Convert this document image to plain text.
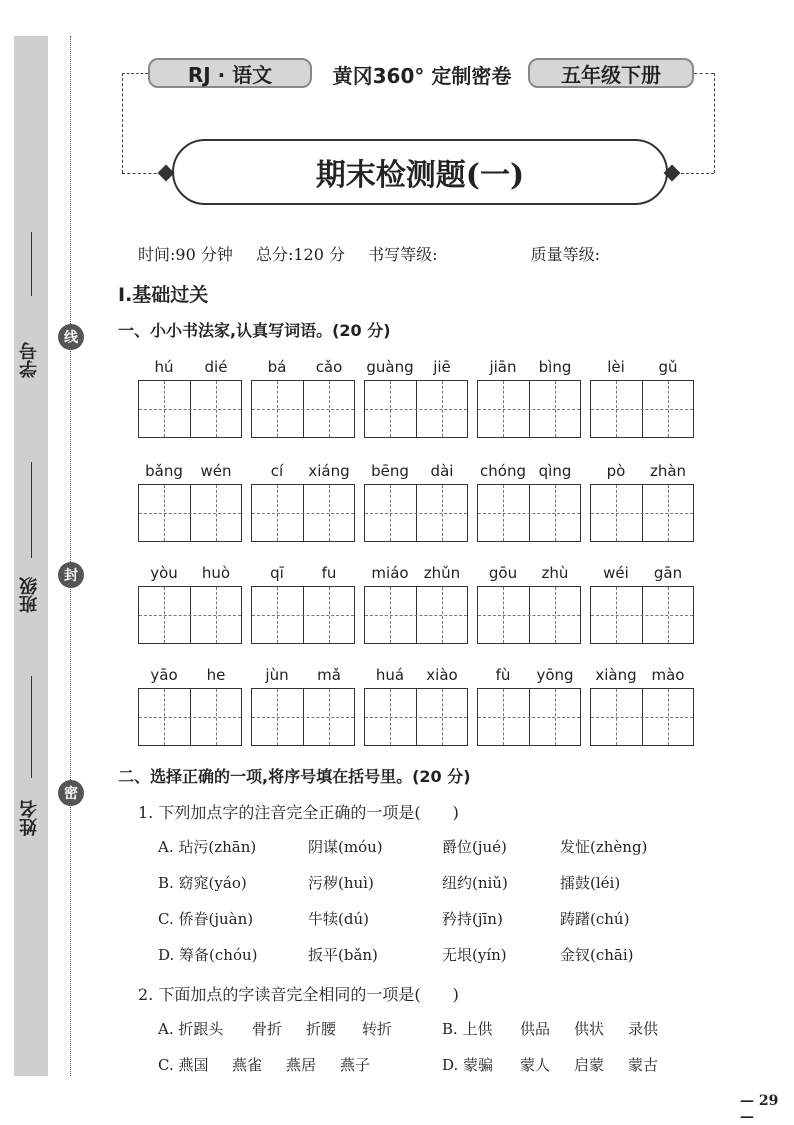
学号
班级
姓名
线
封
密
RJ · 语文	黄冈360° 定制密卷	五年级下册
期末检测题(一)
时间:90 分钟 总分:120 分 书写等级:	质量等级:
Ⅰ.基础过关
一、小小书法家,认真写词语。(20 分)
hú	dié	bá	cǎo	guàng	jiē	jiān	bìng	lèi	gǔ
bǎng	wén	cí	xiáng	bēng	dài	chóng qìng	pò	zhàn
yòu	huò	qī	fu	miáo	zhǔn	gōu	zhù	wéi	gān
yāo	he	jùn	mǎ	huá	xiào	fù	yōng	xiàng mào
二、选择正确的一项,将序号填在括号里。(20 分)
1. 下列加点字的注音完全正确的一项是(　　)
A. 玷污(zhān)	阴谋(móu)	爵位(jué)	发怔(zhèng)
B. 窈窕(yáo)	污秽(huì)	纽约(niǔ)	擂鼓(léi)
C. 侨眷(juàn)	牛犊(dú)	矜持(jīn)	踌躇(chú)
D. 筹备(chóu)	扳平(bǎn)	无垠(yín)	金钗(chāi)
2. 下面加点的字读音完全相同的一项是(　　)
A. 折跟头 骨折 折腰 转折	B. 上供 供品 供状 录供
C. 燕国 燕雀 燕居 燕子	D. 蒙骗 蒙人 启蒙 蒙古
— 29 —
